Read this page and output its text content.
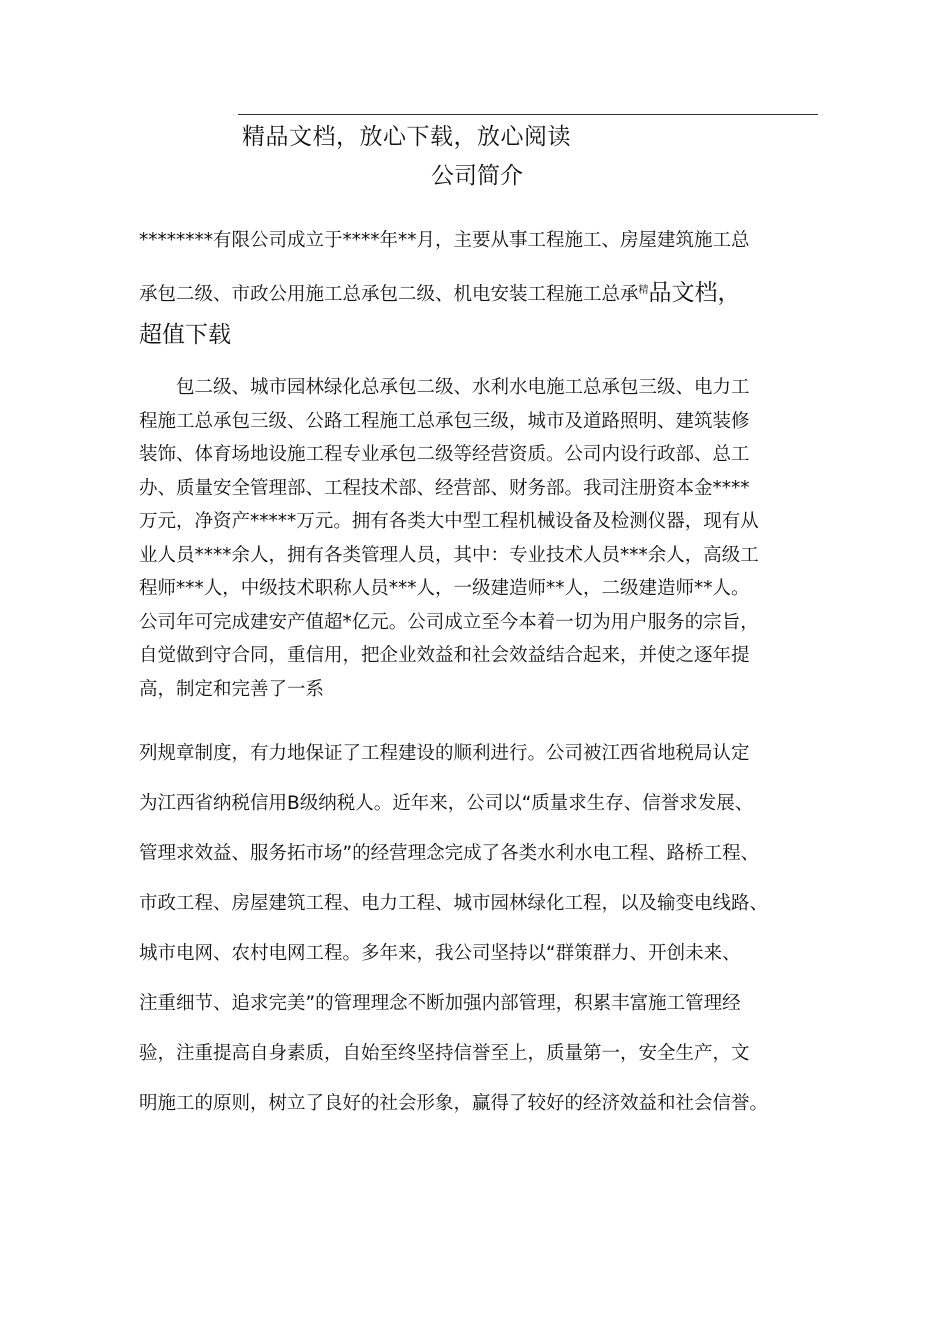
精品文档，放心下载，放心阅读
公司简介
********有限公司成立于****年**月，主要从事工程施工、房屋建筑施工总
承包二级、市政公用施工总承包二级、机电安装工程施工总承$^精$品文档，
超值下载
　　包二级、城市园林绿化总承包二级、水利水电施工总承包三级、电力工
程施工总承包三级、公路工程施工总承包三级，城市及道路照明、建筑装修
装饰、体育场地设施工程专业承包二级等经营资质。公司内设行政部、总工
办、质量安全管理部、工程技术部、经营部、财务部。我司注册资本金****
万元，净资产*****万元。拥有各类大中型工程机械设备及检测仪器，现有从
业人员****余人，拥有各类管理人员，其中：专业技术人员***余人，高级工
程师***人，中级技术职称人员***人，一级建造师**人，二级建造师**人。
公司年可完成建安产值超*亿元。公司成立至今本着一切为用户服务的宗旨，
自觉做到守合同，重信用，把企业效益和社会效益结合起来，并使之逐年提
高，制定和完善了一系
列规章制度，有力地保证了工程建设的顺利进行。公司被江西省地税局认定
为江西省纳税信用B级纳税人。近年来，公司以“质量求生存、信誉求发展、
管理求效益、服务拓市场”的经营理念完成了各类水利水电工程、路桥工程、
市政工程、房屋建筑工程、电力工程、城市园林绿化工程，以及输变电线路、
城市电网、农村电网工程。多年来，我公司坚持以“群策群力、开创未来、
注重细节、追求完美”的管理理念不断加强内部管理，积累丰富施工管理经
验，注重提高自身素质，自始至终坚持信誉至上，质量第一，安全生产，文
明施工的原则，树立了良好的社会形象，赢得了较好的经济效益和社会信誉。
